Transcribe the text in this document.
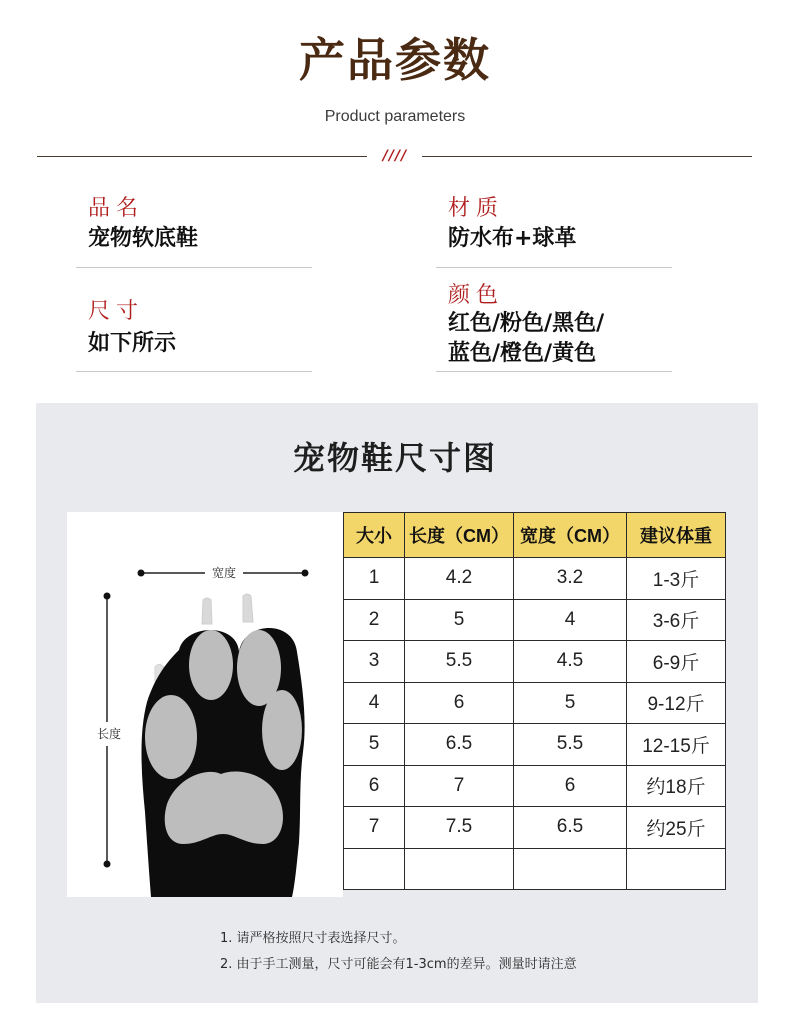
产品参数
Product parameters
////
品名
宠物软底鞋
材质
防水布+球革
尺寸
如下所示
颜色
红色/粉色/黑色/
蓝色/橙色/黄色
宠物鞋尺寸图
宽度
长度
大小	长度（CM）	宽度（CM）	建议体重
1	4.2	3.2	1-3斤
2	5	4	3-6斤
3	5.5	4.5	6-9斤
4	6	5	9-12斤
5	6.5	5.5	12-15斤
6	7	6	约18斤
7	7.5	6.5	约25斤

1. 请严格按照尺寸表选择尺寸。
2. 由于手工测量，尺寸可能会有1-3cm的差异。测量时请注意
